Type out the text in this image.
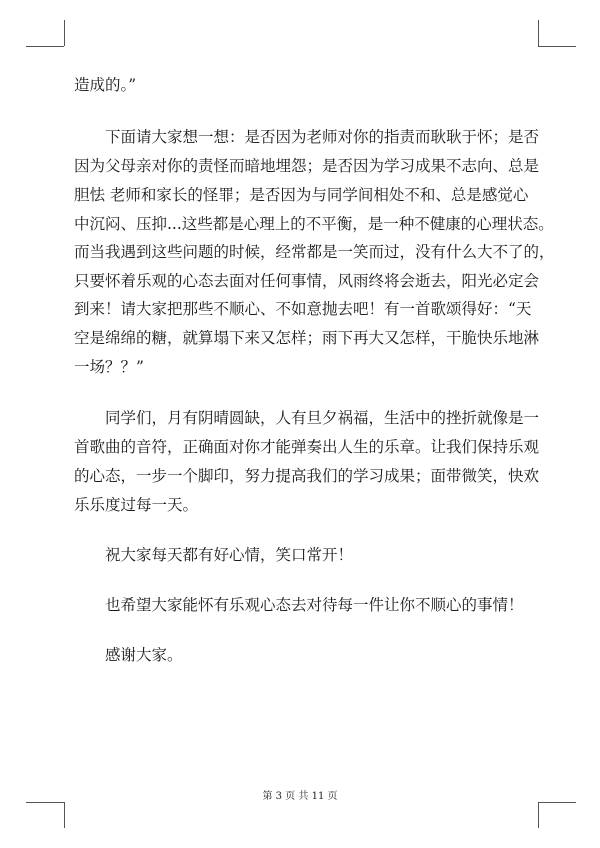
造成的。”
下面请大家想一想：是否因为老师对你的指责而耿耿于怀；是否
因为父母亲对你的责怪而暗地埋怨；是否因为学习成果不志向、总是
胆怯 老师和家长的怪罪；是否因为与同学间相处不和、总是感觉心
中沉闷、压抑...这些都是心理上的不平衡，是一种不健康的心理状态。
而当我遇到这些问题的时候，经常都是一笑而过，没有什么大不了的，
只要怀着乐观的心态去面对任何事情，风雨终将会逝去，阳光必定会
到来！请大家把那些不顺心、不如意抛去吧！有一首歌颂得好：“天
空是绵绵的糖，就算塌下来又怎样；雨下再大又怎样，干脆快乐地淋
一场？？”
同学们，月有阴晴圆缺，人有旦夕祸福，生活中的挫折就像是一
首歌曲的音符，正确面对你才能弹奏出人生的乐章。让我们保持乐观
的心态，一步一个脚印，努力提高我们的学习成果；面带微笑，快欢
乐乐度过每一天。
祝大家每天都有好心情，笑口常开！
也希望大家能怀有乐观心态去对待每一件让你不顺心的事情！
感谢大家。
第 3 页 共 11 页
